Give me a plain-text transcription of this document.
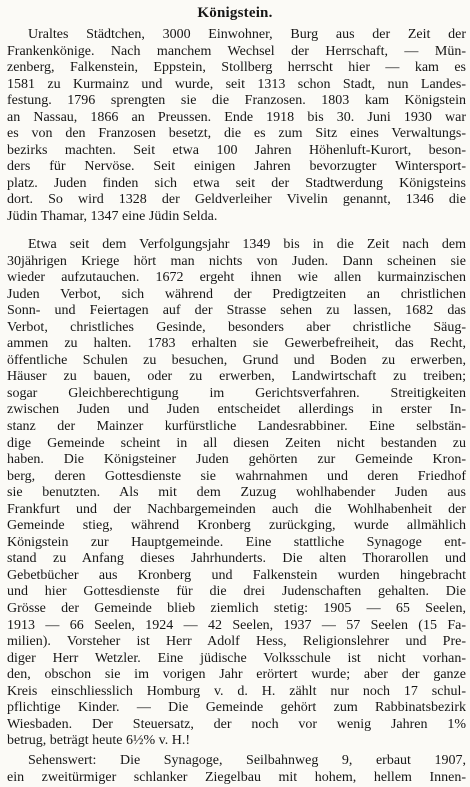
Königstein.
Uraltes Städtchen, 3000 Einwohner, Burg aus der Zeit der
Frankenkönige. Nach manchem Wechsel der Herrschaft, — Mün-
zenberg, Falkenstein, Eppstein, Stollberg herrscht hier — kam es
1581 zu Kurmainz und wurde, seit 1313 schon Stadt, nun Landes-
festung. 1796 sprengten sie die Franzosen. 1803 kam Königstein
an Nassau, 1866 an Preussen. Ende 1918 bis 30. Juni 1930 war
es von den Franzosen besetzt, die es zum Sitz eines Verwaltungs-
bezirks machten. Seit etwa 100 Jahren Höhenluft-Kurort, beson-
ders für Nervöse. Seit einigen Jahren bevorzugter Wintersport-
platz. Juden finden sich etwa seit der Stadtwerdung Königsteins
dort. So wird 1328 der Geldverleiher Vivelin genannt, 1346 die
Jüdin Thamar, 1347 eine Jüdin Selda.
Etwa seit dem Verfolgungsjahr 1349 bis in die Zeit nach dem
30jährigen Kriege hört man nichts von Juden. Dann scheinen sie
wieder aufzutauchen. 1672 ergeht ihnen wie allen kurmainzischen
Juden Verbot, sich während der Predigtzeiten an christlichen
Sonn- und Feiertagen auf der Strasse sehen zu lassen, 1682 das
Verbot, christliches Gesinde, besonders aber christliche Säug-
ammen zu halten. 1783 erhalten sie Gewerbefreiheit, das Recht,
öffentliche Schulen zu besuchen, Grund und Boden zu erwerben,
Häuser zu bauen, oder zu erwerben, Landwirtschaft zu treiben;
sogar Gleichberechtigung im Gerichtsverfahren. Streitigkeiten
zwischen Juden und Juden entscheidet allerdings in erster In-
stanz der Mainzer kurfürstliche Landesrabbiner. Eine selbstän-
dige Gemeinde scheint in all diesen Zeiten nicht bestanden zu
haben. Die Königsteiner Juden gehörten zur Gemeinde Kron-
berg, deren Gottesdienste sie wahrnahmen und deren Friedhof
sie benutzten. Als mit dem Zuzug wohlhabender Juden aus
Frankfurt und der Nachbargemeinden auch die Wohlhabenheit der
Gemeinde stieg, während Kronberg zurückging, wurde allmählich
Königstein zur Hauptgemeinde. Eine stattliche Synagoge ent-
stand zu Anfang dieses Jahrhunderts. Die alten Thorarollen und
Gebetbücher aus Kronberg und Falkenstein wurden hingebracht
und hier Gottesdienste für die drei Judenschaften gehalten. Die
Grösse der Gemeinde blieb ziemlich stetig: 1905 — 65 Seelen,
1913 — 66 Seelen, 1924 — 42 Seelen, 1937 — 57 Seelen (15 Fa-
milien). Vorsteher ist Herr Adolf Hess, Religionslehrer und Pre-
diger Herr Wetzler. Eine jüdische Volksschule ist nicht vorhan-
den, obschon sie im vorigen Jahr erörtert wurde; aber der ganze
Kreis einschliesslich Homburg v. d. H. zählt nur noch 17 schul-
pflichtige Kinder. — Die Gemeinde gehört zum Rabbinatsbezirk
Wiesbaden. Der Steuersatz, der noch vor wenig Jahren 1%
betrug, beträgt heute 6½% v. H.!
Sehenswert: Die Synagoge, Seilbahnweg 9, erbaut 1907,
ein zweitürmiger schlanker Ziegelbau mit hohem, hellem Innen-
